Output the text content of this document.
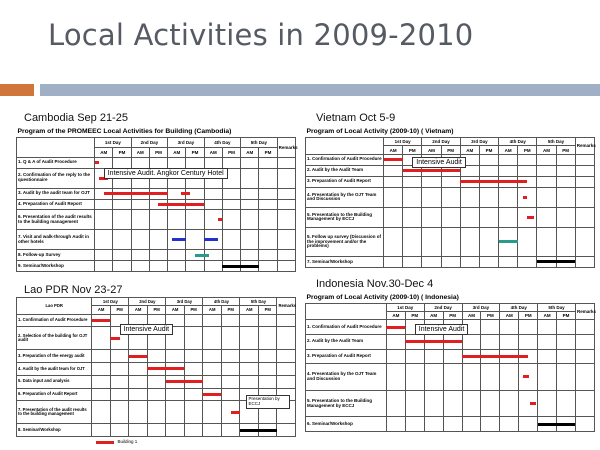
Local Activities in 2009-2010
Cambodia Sep 21-25
Program of the PROMEEC Local Activities for Building (Cambodia)											
	1st Day		2nd Day		3rd Day		4th Day		5th Day		Remarks
	AM	PM	AM	PM	AM	PM	AM	PM	AM	PM	
1. Q & A of Audit Procedure											
2. Confirmation of the reply to the questionnaire											
3. Audit by the audit team for OJT											
4. Preparation of Audit Report											
6. Presentation of the audit results to the building management											
7. Visit and walk-through Audit in other hotels											
8. Follow-up Survey											
9. Seminar/Workshop											
Intensive Audit. Angkor Century Hotel
Vietnam Oct 5-9
Program of Local Activity (2009-10) ( Vietnam)											
	1st Day		2nd Day		3rd Day		4th Day		5th Day		Remarks
	AM	PM	AM	PM	AM	PM	AM	PM	AM	PM	
1. Confirmation of Audit Procedure											
2. Audit by the Audit Team											
3. Preparation of Audit Report											
4. Presentation by the OJT Team and Discussion											
5. Presentation to the Building Management by ECCJ											
5. Follow up survey (Discussion of the improvement and/or the problems)											
7. Seminar/Workshop											
Intensive Audit
Lao PDR Nov 23-27
Lao PDR	1st Day		2nd Day		3rd Day		4th Day		5th Day		Remarks
	AM	PM	AM	PM	AM	PM	AM	PM	AM	PM	
1. Confirmation of Audit Procedure											
2. Selection of the building for OJT audit											
3. Preparation of the energy audit											
4. Audit by the audit team for OJT											
5. Data input and analysis											
6. Preparation of Audit Report											
7. Presentation of the audit results to the building management											
8. Seminar/Workshop											
Intensive Audit
Presentation by ECCJ
Building 1
Indonesia Nov.30-Dec 4
Program of Local Activity (2009-10) ( Indonesia)											
	1st Day		2nd Day		3rd Day		4th Day		5th Day		Remarks
	AM	PM	AM	PM	AM	PM	AM	PM	AM	PM	
1. Confirmation of Audit Procedure											
2. Audit by the Audit Team											
3. Preparation of Audit Report											
4. Presentation by the OJT Team and Discussion											
5. Presentation to the Building Management by ECCJ											
6. Seminar/Workshop											
Intensive Audit
